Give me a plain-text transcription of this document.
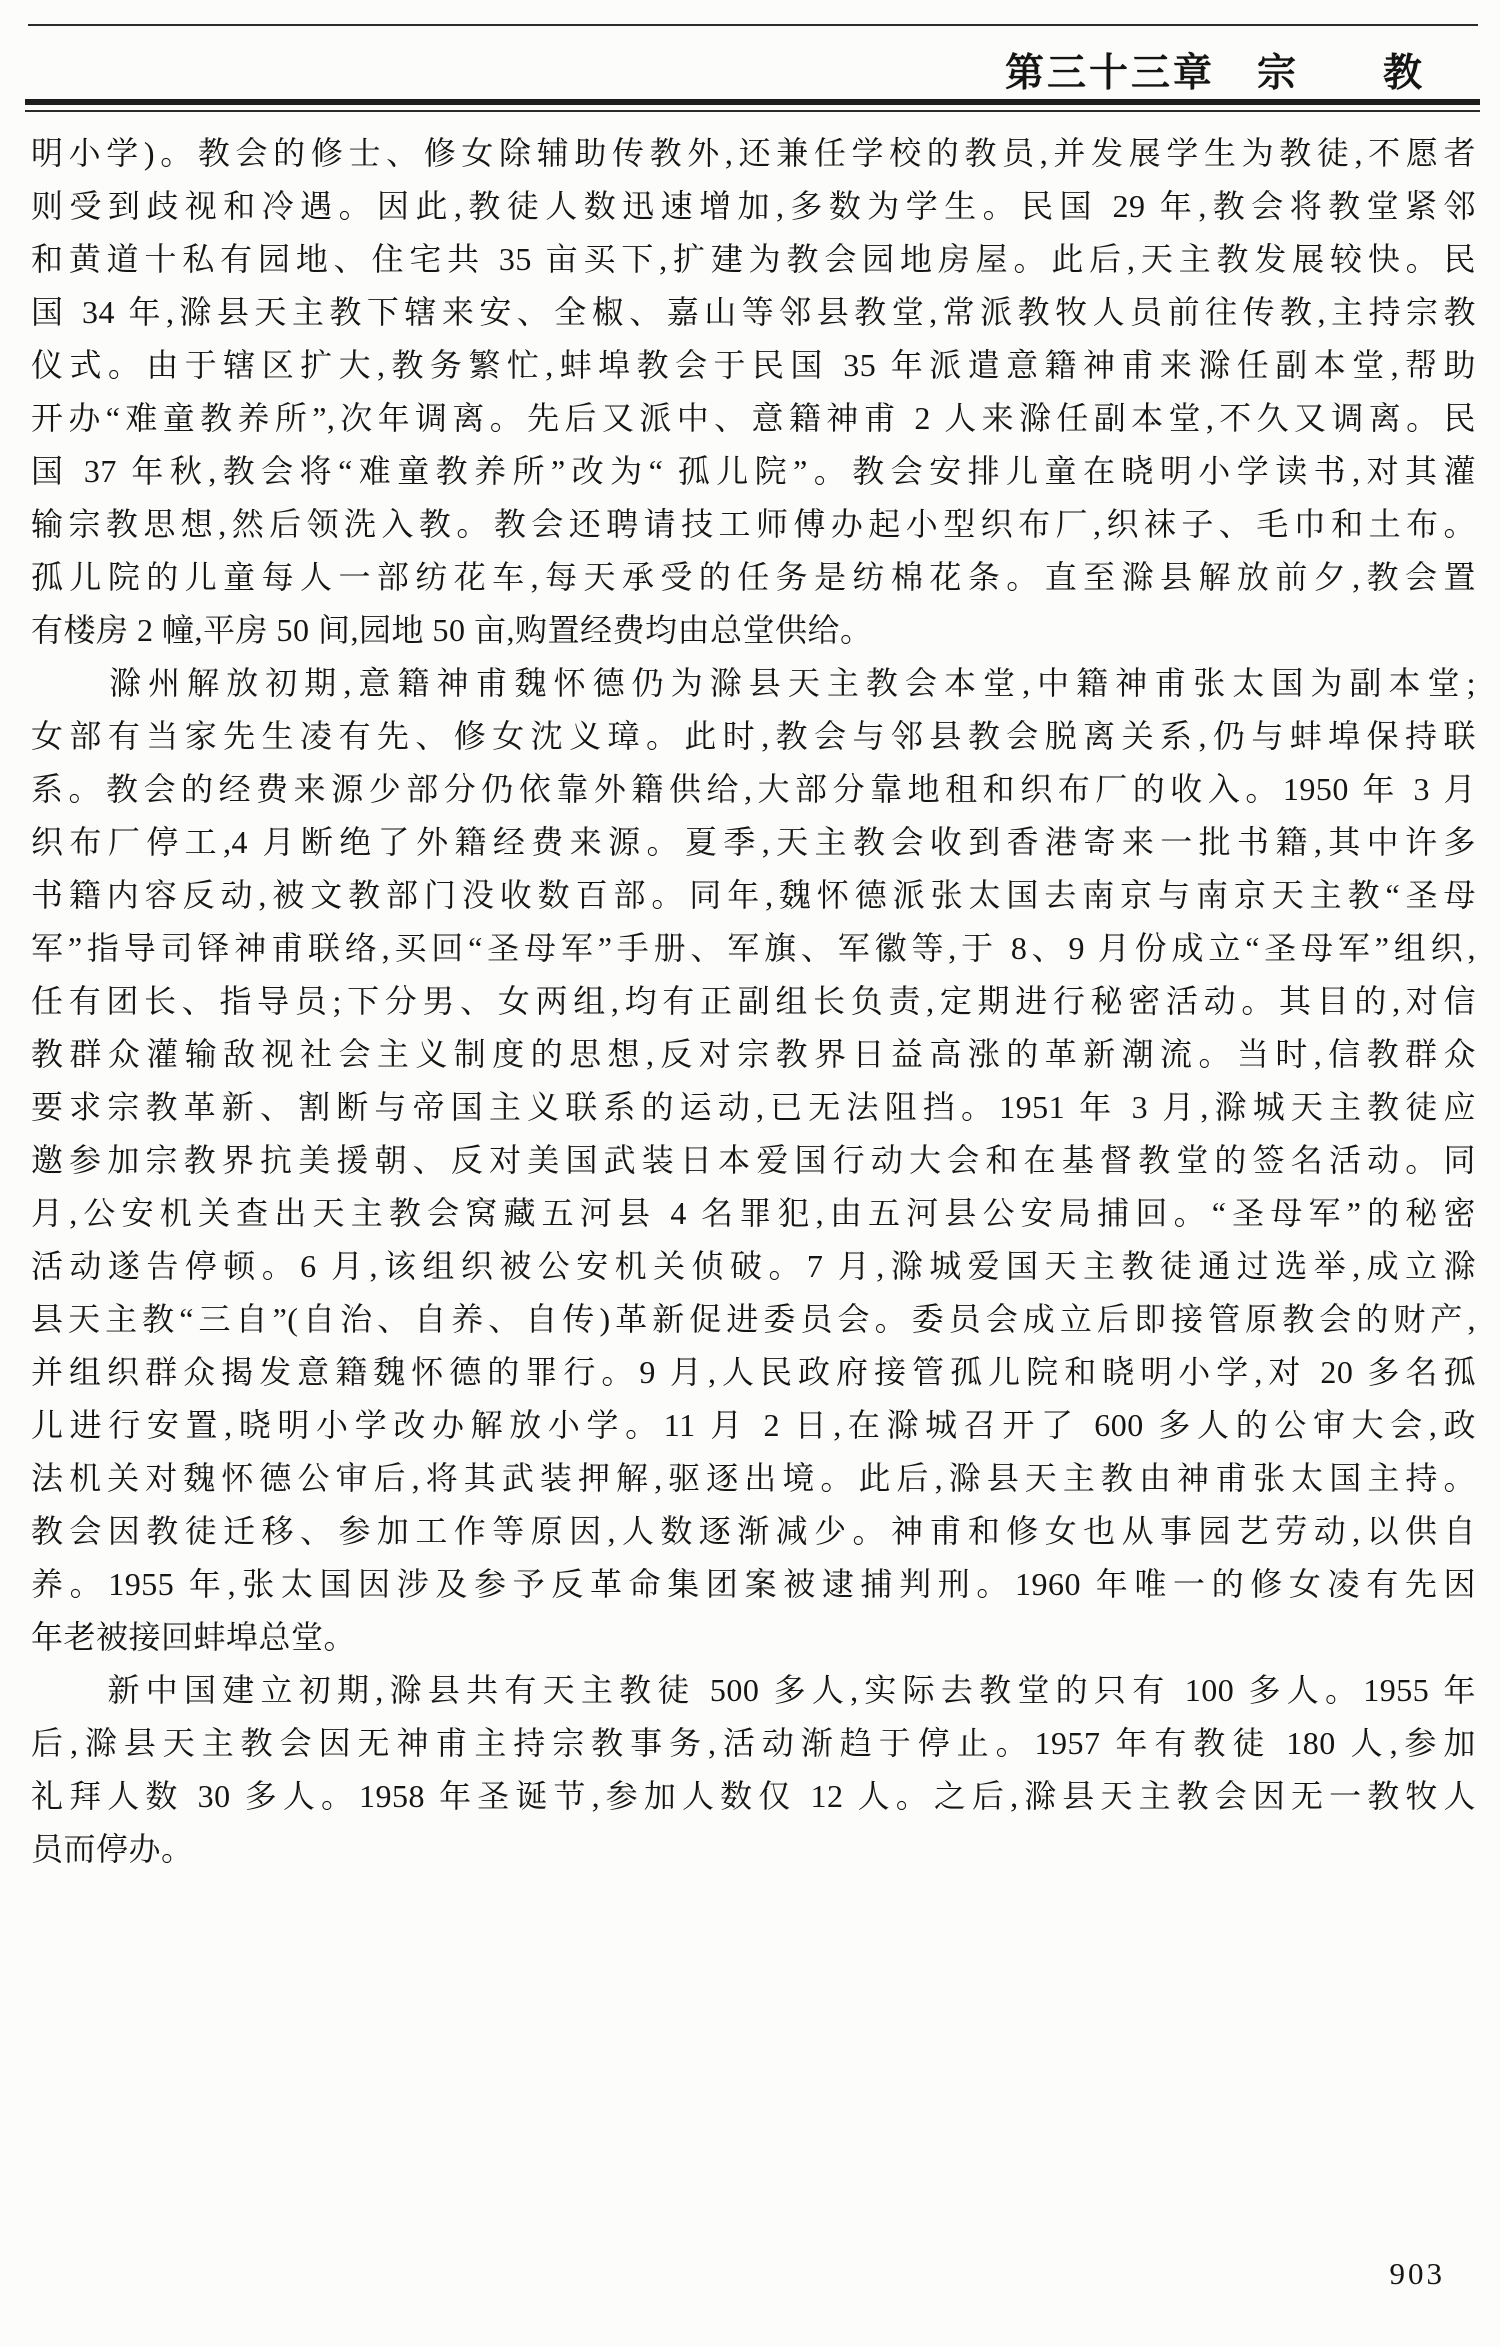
第三十三章　宗　　教
明小学)。教会的修士、修女除辅助传教外,还兼任学校的教员,并发展学生为教徒,不愿者
则受到歧视和冷遇。因此,教徒人数迅速增加,多数为学生。民国 29 年,教会将教堂紧邻
和黄道十私有园地、住宅共 35 亩买下,扩建为教会园地房屋。此后,天主教发展较快。民
国 34 年,滁县天主教下辖来安、全椒、嘉山等邻县教堂,常派教牧人员前往传教,主持宗教
仪式。由于辖区扩大,教务繁忙,蚌埠教会于民国 35 年派遣意籍神甫来滁任副本堂,帮助
开办“难童教养所”,次年调离。先后又派中、意籍神甫 2 人来滁任副本堂,不久又调离。民
国 37 年秋,教会将“难童教养所”改为“ 孤儿院”。教会安排儿童在晓明小学读书,对其灌
输宗教思想,然后领洗入教。教会还聘请技工师傅办起小型织布厂,织袜子、毛巾和土布。
孤儿院的儿童每人一部纺花车,每天承受的任务是纺棉花条。直至滁县解放前夕,教会置
有楼房 2 幢,平房 50 间,园地 50 亩,购置经费均由总堂供给。
　　滁州解放初期,意籍神甫魏怀德仍为滁县天主教会本堂,中籍神甫张太国为副本堂;
女部有当家先生凌有先、修女沈义璋。此时,教会与邻县教会脱离关系,仍与蚌埠保持联
系。教会的经费来源少部分仍依靠外籍供给,大部分靠地租和织布厂的收入。1950 年 3 月
织布厂停工,4 月断绝了外籍经费来源。夏季,天主教会收到香港寄来一批书籍,其中许多
书籍内容反动,被文教部门没收数百部。同年,魏怀德派张太国去南京与南京天主教“圣母
军”指导司铎神甫联络,买回“圣母军”手册、军旗、军徽等,于 8、9 月份成立“圣母军”组织,
任有团长、指导员;下分男、女两组,均有正副组长负责,定期进行秘密活动。其目的,对信
教群众灌输敌视社会主义制度的思想,反对宗教界日益高涨的革新潮流。当时,信教群众
要求宗教革新、割断与帝国主义联系的运动,已无法阻挡。1951 年 3 月,滁城天主教徒应
邀参加宗教界抗美援朝、反对美国武装日本爱国行动大会和在基督教堂的签名活动。同
月,公安机关查出天主教会窝藏五河县 4 名罪犯,由五河县公安局捕回。“圣母军”的秘密
活动遂告停顿。6 月,该组织被公安机关侦破。7 月,滁城爱国天主教徒通过选举,成立滁
县天主教“三自”(自治、自养、自传)革新促进委员会。委员会成立后即接管原教会的财产,
并组织群众揭发意籍魏怀德的罪行。9 月,人民政府接管孤儿院和晓明小学,对 20 多名孤
儿进行安置,晓明小学改办解放小学。11 月 2 日,在滁城召开了 600 多人的公审大会,政
法机关对魏怀德公审后,将其武装押解,驱逐出境。此后,滁县天主教由神甫张太国主持。
教会因教徒迁移、参加工作等原因,人数逐渐减少。神甫和修女也从事园艺劳动,以供自
养。1955 年,张太国因涉及参予反革命集团案被逮捕判刑。1960 年唯一的修女凌有先因
年老被接回蚌埠总堂。
　　新中国建立初期,滁县共有天主教徒 500 多人,实际去教堂的只有 100 多人。1955 年
后,滁县天主教会因无神甫主持宗教事务,活动渐趋于停止。1957 年有教徒 180 人,参加
礼拜人数 30 多人。1958 年圣诞节,参加人数仅 12 人。之后,滁县天主教会因无一教牧人
员而停办。
903
